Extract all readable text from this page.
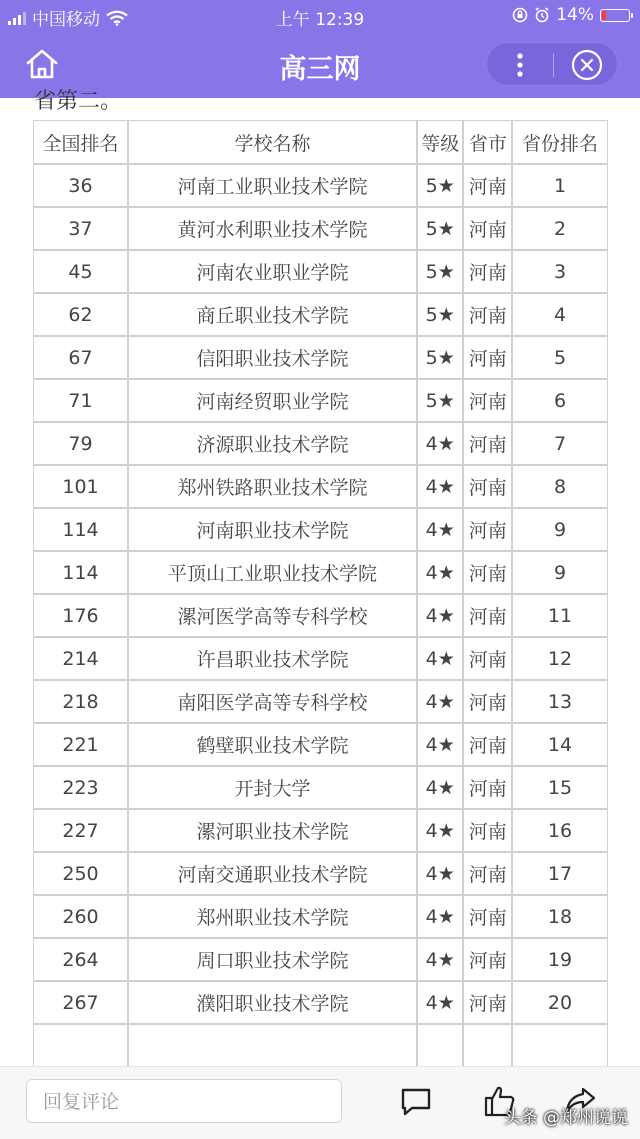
中国移动	上午 12:39	14%
高三网
省第二。
全国排名	学校名称	等级	省市	省份排名
36	河南工业职业技术学院	5★	河南	1
37	黄河水利职业技术学院	5★	河南	2
45	河南农业职业学院	5★	河南	3
62	商丘职业技术学院	5★	河南	4
67	信阳职业技术学院	5★	河南	5
71	河南经贸职业学院	5★	河南	6
79	济源职业技术学院	4★	河南	7
101	郑州铁路职业技术学院	4★	河南	8
114	河南职业技术学院	4★	河南	9
114	平顶山工业职业技术学院	4★	河南	9
176	漯河医学高等专科学校	4★	河南	11
214	许昌职业技术学院	4★	河南	12
218	南阳医学高等专科学校	4★	河南	13
221	鹤壁职业技术学院	4★	河南	14
223	开封大学	4★	河南	15
227	漯河职业技术学院	4★	河南	16
250	河南交通职业技术学院	4★	河南	17
260	郑州职业技术学院	4★	河南	18
264	周口职业技术学院	4★	河南	19
267	濮阳职业技术学院	4★	河南	20

回复评论
头条 @郑州说说
